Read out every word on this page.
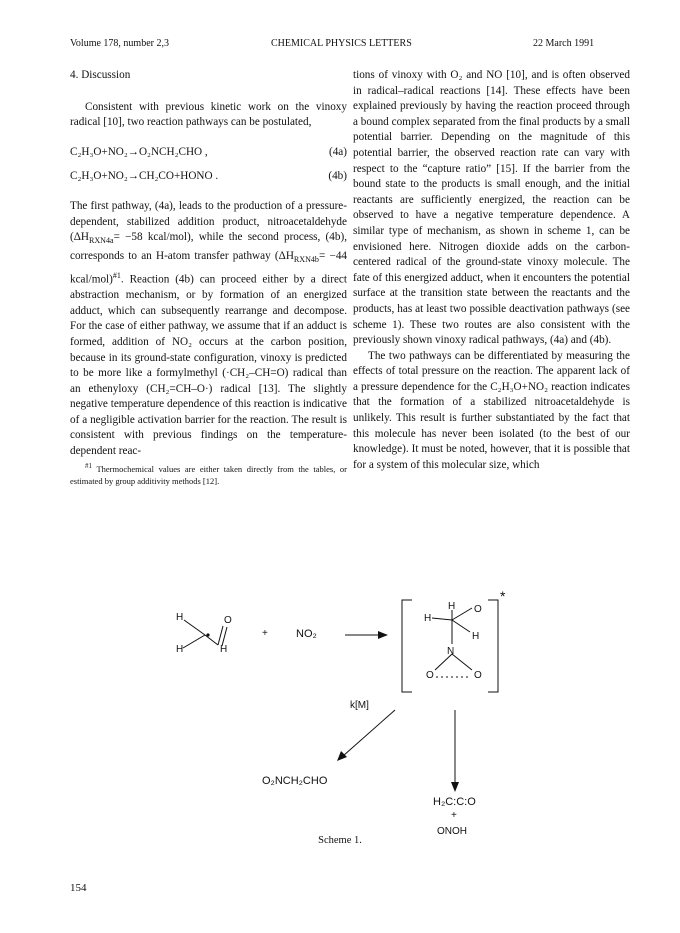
Volume 178, number 2,3	CHEMICAL PHYSICS LETTERS	22 March 1991
4. Discussion

Consistent with previous kinetic work on the vinoxy radical [10], two reaction pathways can be postulated,

C₂H₃O+NO₂→O₂NCH₂CHO ,	(4a)
C₂H₃O+NO₂→CH₂CO+HONO .	(4b)

The first pathway, (4a), leads to the production of a pressure-dependent, stabilized addition product, nitroacetaldehyde ($\Delta H_{RXN4a}= -58$ kcal/mol), while the second process, (4b), corresponds to an H-atom transfer pathway ($\Delta H_{RXN4b}= -44$ kcal/mol)$^{\#1}$. Reaction (4b) can proceed either by a direct abstraction mechanism, or by formation of an energized adduct, which can subsequently rearrange and decompose. For the case of either pathway, we assume that if an adduct is formed, addition of NO₂ occurs at the carbon position, because in its ground-state configuration, vinoxy is predicted to be more like a formylmethyl (·CH₂–CH=O) radical than an ethenyloxy (CH₂=CH–O·) radical [13]. The slightly negative temperature dependence of this reaction is indicative of a negligible activation barrier for the reaction. The result is consistent with previous findings on the temperature-dependent reac-

$^{\#1}$ Thermochemical values are either taken directly from the tables, or estimated by group additivity methods [12].

tions of vinoxy with O₂ and NO [10], and is often observed in radical–radical reactions [14]. These effects have been explained previously by having the reaction proceed through a bound complex separated from the final products by a small potential barrier. Depending on the magnitude of this potential barrier, the observed reaction rate can vary with respect to the “capture ratio” [15]. If the barrier from the bound state to the products is small enough, and the initial reactants are sufficiently energized, the reaction can be observed to have a negative temperature dependence. A similar type of mechanism, as shown in scheme 1, can be envisioned here. Nitrogen dioxide adds on the carbon-centered radical of the ground-state vinoxy molecule. The fate of this energized adduct, when it encounters the potential surface at the transition state between the reactants and the products, has at least two possible deactivation pathways (see scheme 1). These two routes are also consistent with the previously shown vinoxy radical pathways, (4a) and (4b).

The two pathways can be differentiated by measuring the effects of total pressure on the reaction. The apparent lack of a pressure dependence for the C₂H₃O+NO₂ reaction indicates that the formation of a stabilized nitroacetaldehyde is unlikely. This result is further substantiated by the fact that this molecule has never been isolated (to the best of our knowledge). It must be noted, however, that it is possible that for a system of this molecular size, which

H
H	H
O
+	NO₂
H
H
H
O
N
O	O
*
k[M]
O₂NCH₂CHO
H₂C:C:O
+
ONOH
Scheme 1.
154
